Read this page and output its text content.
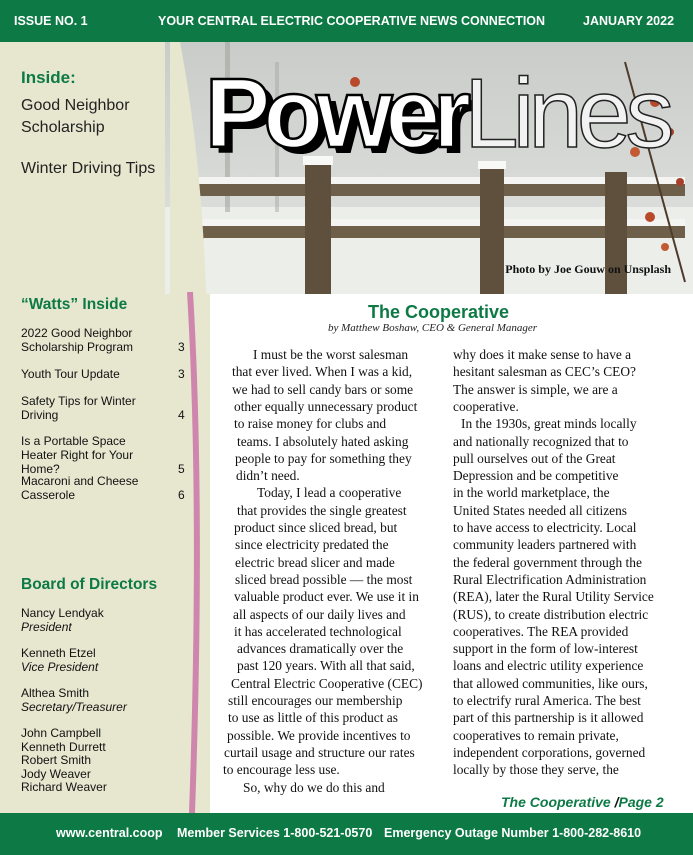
ISSUE NO. 1	YOUR CENTRAL ELECTRIC COOPERATIVE NEWS CONNECTION	JANUARY 2022
PowerLines
Photo by Joe Gouw on Unsplash
Inside:
Good Neighbor Scholarship
Winter Driving Tips
“Watts” Inside
2022 Good Neighbor Scholarship Program	3
Youth Tour Update	3
Safety Tips for Winter Driving	4
Is a Portable Space Heater Right for Your Home?	5
Macaroni and Cheese Casserole	6
Board of Directors
Nancy Lendyak
President
Kenneth Etzel
Vice President
Althea Smith
Secretary/Treasurer
John Campbell
Kenneth Durrett
Robert Smith
Jody Weaver
Richard Weaver
The Cooperative
by Matthew Boshaw, CEO & General Manager
I must be the worst salesman
that ever lived. When I was a kid,
we had to sell candy bars or some
other equally unnecessary product
to raise money for clubs and
teams. I absolutely hated asking
people to pay for something they
didn’t need.
Today, I lead a cooperative
that provides the single greatest
product since sliced bread, but
since electricity predated the
electric bread slicer and made
sliced bread possible — the most
valuable product ever. We use it in
all aspects of our daily lives and
it has accelerated technological
advances dramatically over the
past 120 years. With all that said,
Central Electric Cooperative (CEC)
still encourages our membership
to use as little of this product as
possible. We provide incentives to
curtail usage and structure our rates
to encourage less use.
So, why do we do this and
why does it make sense to have a
hesitant salesman as CEC’s CEO?
The answer is simple, we are a
cooperative.
In the 1930s, great minds locally
and nationally recognized that to
pull ourselves out of the Great
Depression and be competitive
in the world marketplace, the
United States needed all citizens
to have access to electricity. Local
community leaders partnered with
the federal government through the
Rural Electrification Administration
(REA), later the Rural Utility Service
(RUS), to create distribution electric
cooperatives. The REA provided
support in the form of low-interest
loans and electric utility experience
that allowed communities, like ours,
to electrify rural America. The best
part of this partnership is it allowed
cooperatives to remain private,
independent corporations, governed
locally by those they serve, the
The Cooperative /Page 2
www.central.coop Member Services 1-800-521-0570 Emergency Outage Number 1-800-282-8610
